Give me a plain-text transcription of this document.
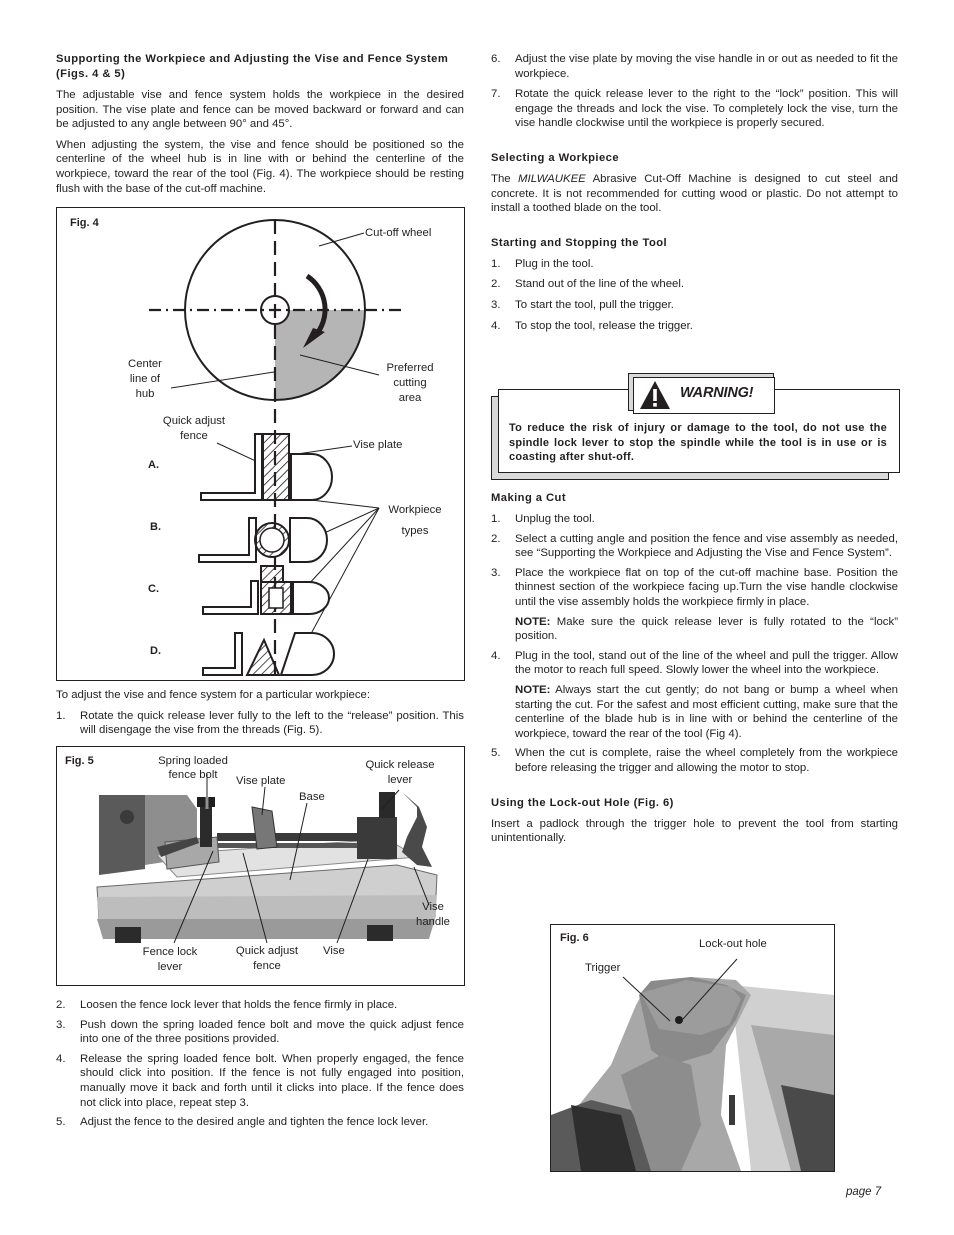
Supporting the Workpiece and Adjusting the Vise and Fence System (Figs. 4 & 5)

The adjustable vise and fence system holds the workpiece in the desired position. The vise plate and fence can be moved backward or forward and can be adjusted to any angle between 90° and 45°.

When adjusting the system, the vise and fence should be positioned so the centerline of the wheel hub is in line with or behind the centerline of the workpiece, toward the rear of the tool (Fig. 4). The workpiece should be resting flush with the base of the cut-off machine.

Fig. 4
Cut-off wheel
Center
line of
hub
Preferred
cutting
area
Quick adjust
fence
Vise plate
Workpiece
types
A.
B.
C.
D.

To adjust the vise and fence system for a particular workpiece:

1.	Rotate the quick release lever fully to the left to the “release” position. This will disengage the vise from the threads (Fig. 5).
Fig. 5	Spring loaded
fence bolt	Vise plate
Base
Quick release
lever
Vise
handle
Fence lock
lever
Quick adjust
fence
Vise
2.	Loosen the fence lock lever that holds the fence firmly in place.
3.	Push down the spring loaded fence bolt and move the quick adjust fence into one of the three positions provided.
4.	Release the spring loaded fence bolt. When properly engaged, the fence should click into position. If the fence is not fully engaged into position, manually move it back and forth until it clicks into place. If the fence does not click into place, repeat step 3.
5.	Adjust the fence to the desired angle and tighten the fence lock lever.
6.	Adjust the vise plate by moving the vise handle in or out as needed to fit the workpiece.
7.	Rotate the quick release lever to the right to the “lock” position. This will engage the threads and lock the vise. To completely lock the vise, turn the vise handle clockwise until the workpiece is properly secured.
Selecting a Workpiece

The MILWAUKEE Abrasive Cut-Off Machine is designed to cut steel and concrete. It is not recommended for cutting wood or plastic. Do not attempt to install a toothed blade on the tool.

Starting and Stopping the Tool
1.	Plug in the tool.
2.	Stand out of the line of the wheel.
3.	To start the tool, pull the trigger.
4.	To stop the tool, release the trigger.
WARNING!
To reduce the risk of injury or damage to the tool, do not use the spindle lock lever to stop the spindle while the tool is in use or is coasting after shut-off.
Making a Cut
1.	Unplug the tool.
2.	Select a cutting angle and position the fence and vise assembly as needed, see “Supporting the Workpiece and Adjusting the Vise and Fence System”.
3.	Place the workpiece flat on top of the cut-off machine base. Position the thinnest section of the workpiece facing up.Turn the vise handle clockwise until the vise assembly holds the workpiece firmly in place.
NOTE: Make sure the quick release lever is fully rotated to the “lock” position.
4.	Plug in the tool, stand out of the line of the wheel and pull the trigger. Allow the motor to reach full speed. Slowly lower the wheel into the workpiece.
NOTE: Always start the cut gently; do not bang or bump a wheel when starting the cut. For the safest and most efficient cutting, make sure that the centerline of the blade hub is in line with or behind the centerline of the workpiece, toward the rear of the tool (Fig 4).
5.	When the cut is complete, raise the wheel completely from the workpiece before releasing the trigger and allowing the motor to stop.
Using the Lock-out Hole (Fig. 6)

Insert a padlock through the trigger hole to prevent the tool from starting unintentionally.

Fig. 6	Lock-out hole
Trigger
page 7
